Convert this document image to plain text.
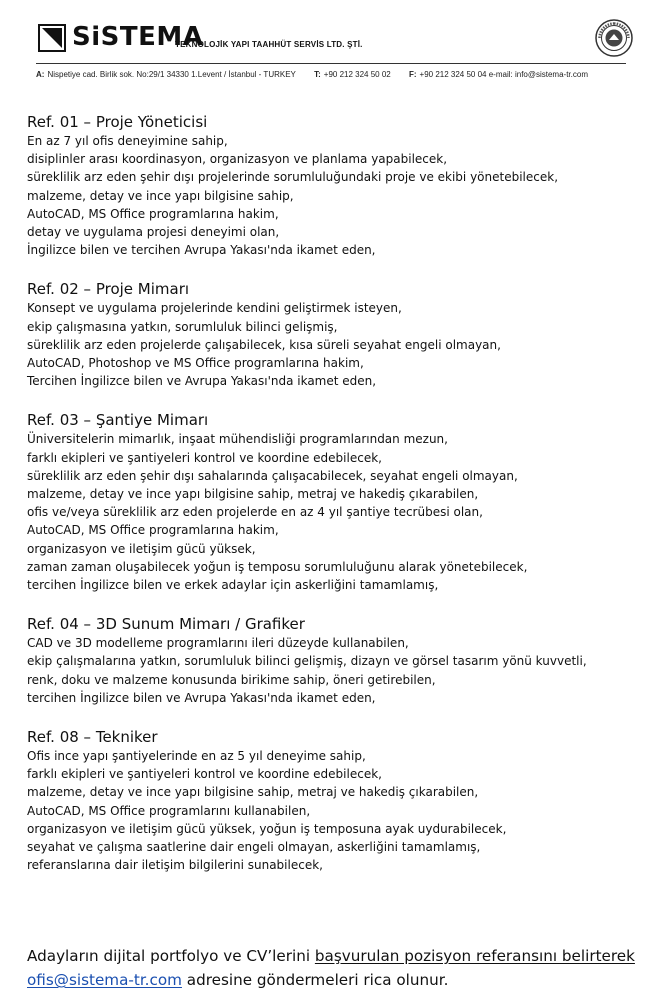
SiSTEMA
TEKNOLOJİK YAPI TAAHHÜT SERVİS LTD. ŞTİ.
A: Nispetiye cad. Birlik sok. No:29/1 34330 1.Levent / İstanbul - TURKEY T: +90 212 324 50 02 F: +90 212 324 50 04 e-mail: info@sistema-tr.com
Ref. 01 – Proje Yöneticisi
En az 7 yıl ofis deneyimine sahip,
disiplinler arası koordinasyon, organizasyon ve planlama yapabilecek,
süreklilik arz eden şehir dışı projelerinde sorumluluğundaki proje ve ekibi yönetebilecek,
malzeme, detay ve ince yapı bilgisine sahip,
AutoCAD, MS Office programlarına hakim,
detay ve uygulama projesi deneyimi olan,
İngilizce bilen ve tercihen Avrupa Yakası'nda ikamet eden,
Ref. 02 – Proje Mimarı
Konsept ve uygulama projelerinde kendini geliştirmek isteyen,
ekip çalışmasına yatkın, sorumluluk bilinci gelişmiş,
süreklilik arz eden projelerde çalışabilecek, kısa süreli seyahat engeli olmayan,
AutoCAD, Photoshop ve MS Office programlarına hakim,
Tercihen İngilizce bilen ve Avrupa Yakası'nda ikamet eden,
Ref. 03 – Şantiye Mimarı
Üniversitelerin mimarlık, inşaat mühendisliği programlarından mezun,
farklı ekipleri ve şantiyeleri kontrol ve koordine edebilecek,
süreklilik arz eden şehir dışı sahalarında çalışacabilecek, seyahat engeli olmayan,
malzeme, detay ve ince yapı bilgisine sahip, metraj ve hakediş çıkarabilen,
ofis ve/veya süreklilik arz eden projelerde en az 4 yıl şantiye tecrübesi olan,
AutoCAD, MS Office programlarına hakim,
organizasyon ve iletişim gücü yüksek,
zaman zaman oluşabilecek yoğun iş temposu sorumluluğunu alarak yönetebilecek,
tercihen İngilizce bilen ve erkek adaylar için askerliğini tamamlamış,
Ref. 04 – 3D Sunum Mimarı / Grafiker
CAD ve 3D modelleme programlarını ileri düzeyde kullanabilen,
ekip çalışmalarına yatkın, sorumluluk bilinci gelişmiş, dizayn ve görsel tasarım yönü kuvvetli,
renk, doku ve malzeme konusunda birikime sahip, öneri getirebilen,
tercihen İngilizce bilen ve Avrupa Yakası'nda ikamet eden,
Ref. 08 – Tekniker
Ofis ince yapı şantiyelerinde en az 5 yıl deneyime sahip,
farklı ekipleri ve şantiyeleri kontrol ve koordine edebilecek,
malzeme, detay ve ince yapı bilgisine sahip, metraj ve hakediş çıkarabilen,
AutoCAD, MS Office programlarını kullanabilen,
organizasyon ve iletişim gücü yüksek, yoğun iş temposuna ayak uydurabilecek,
seyahat ve çalışma saatlerine dair engeli olmayan, askerliğini tamamlamış,
referanslarına dair iletişim bilgilerini sunabilecek,
Adayların dijital portfolyo ve CV’lerini başvurulan pozisyon referansını belirterek ofis@sistema-tr.com adresine göndermeleri rica olunur.
